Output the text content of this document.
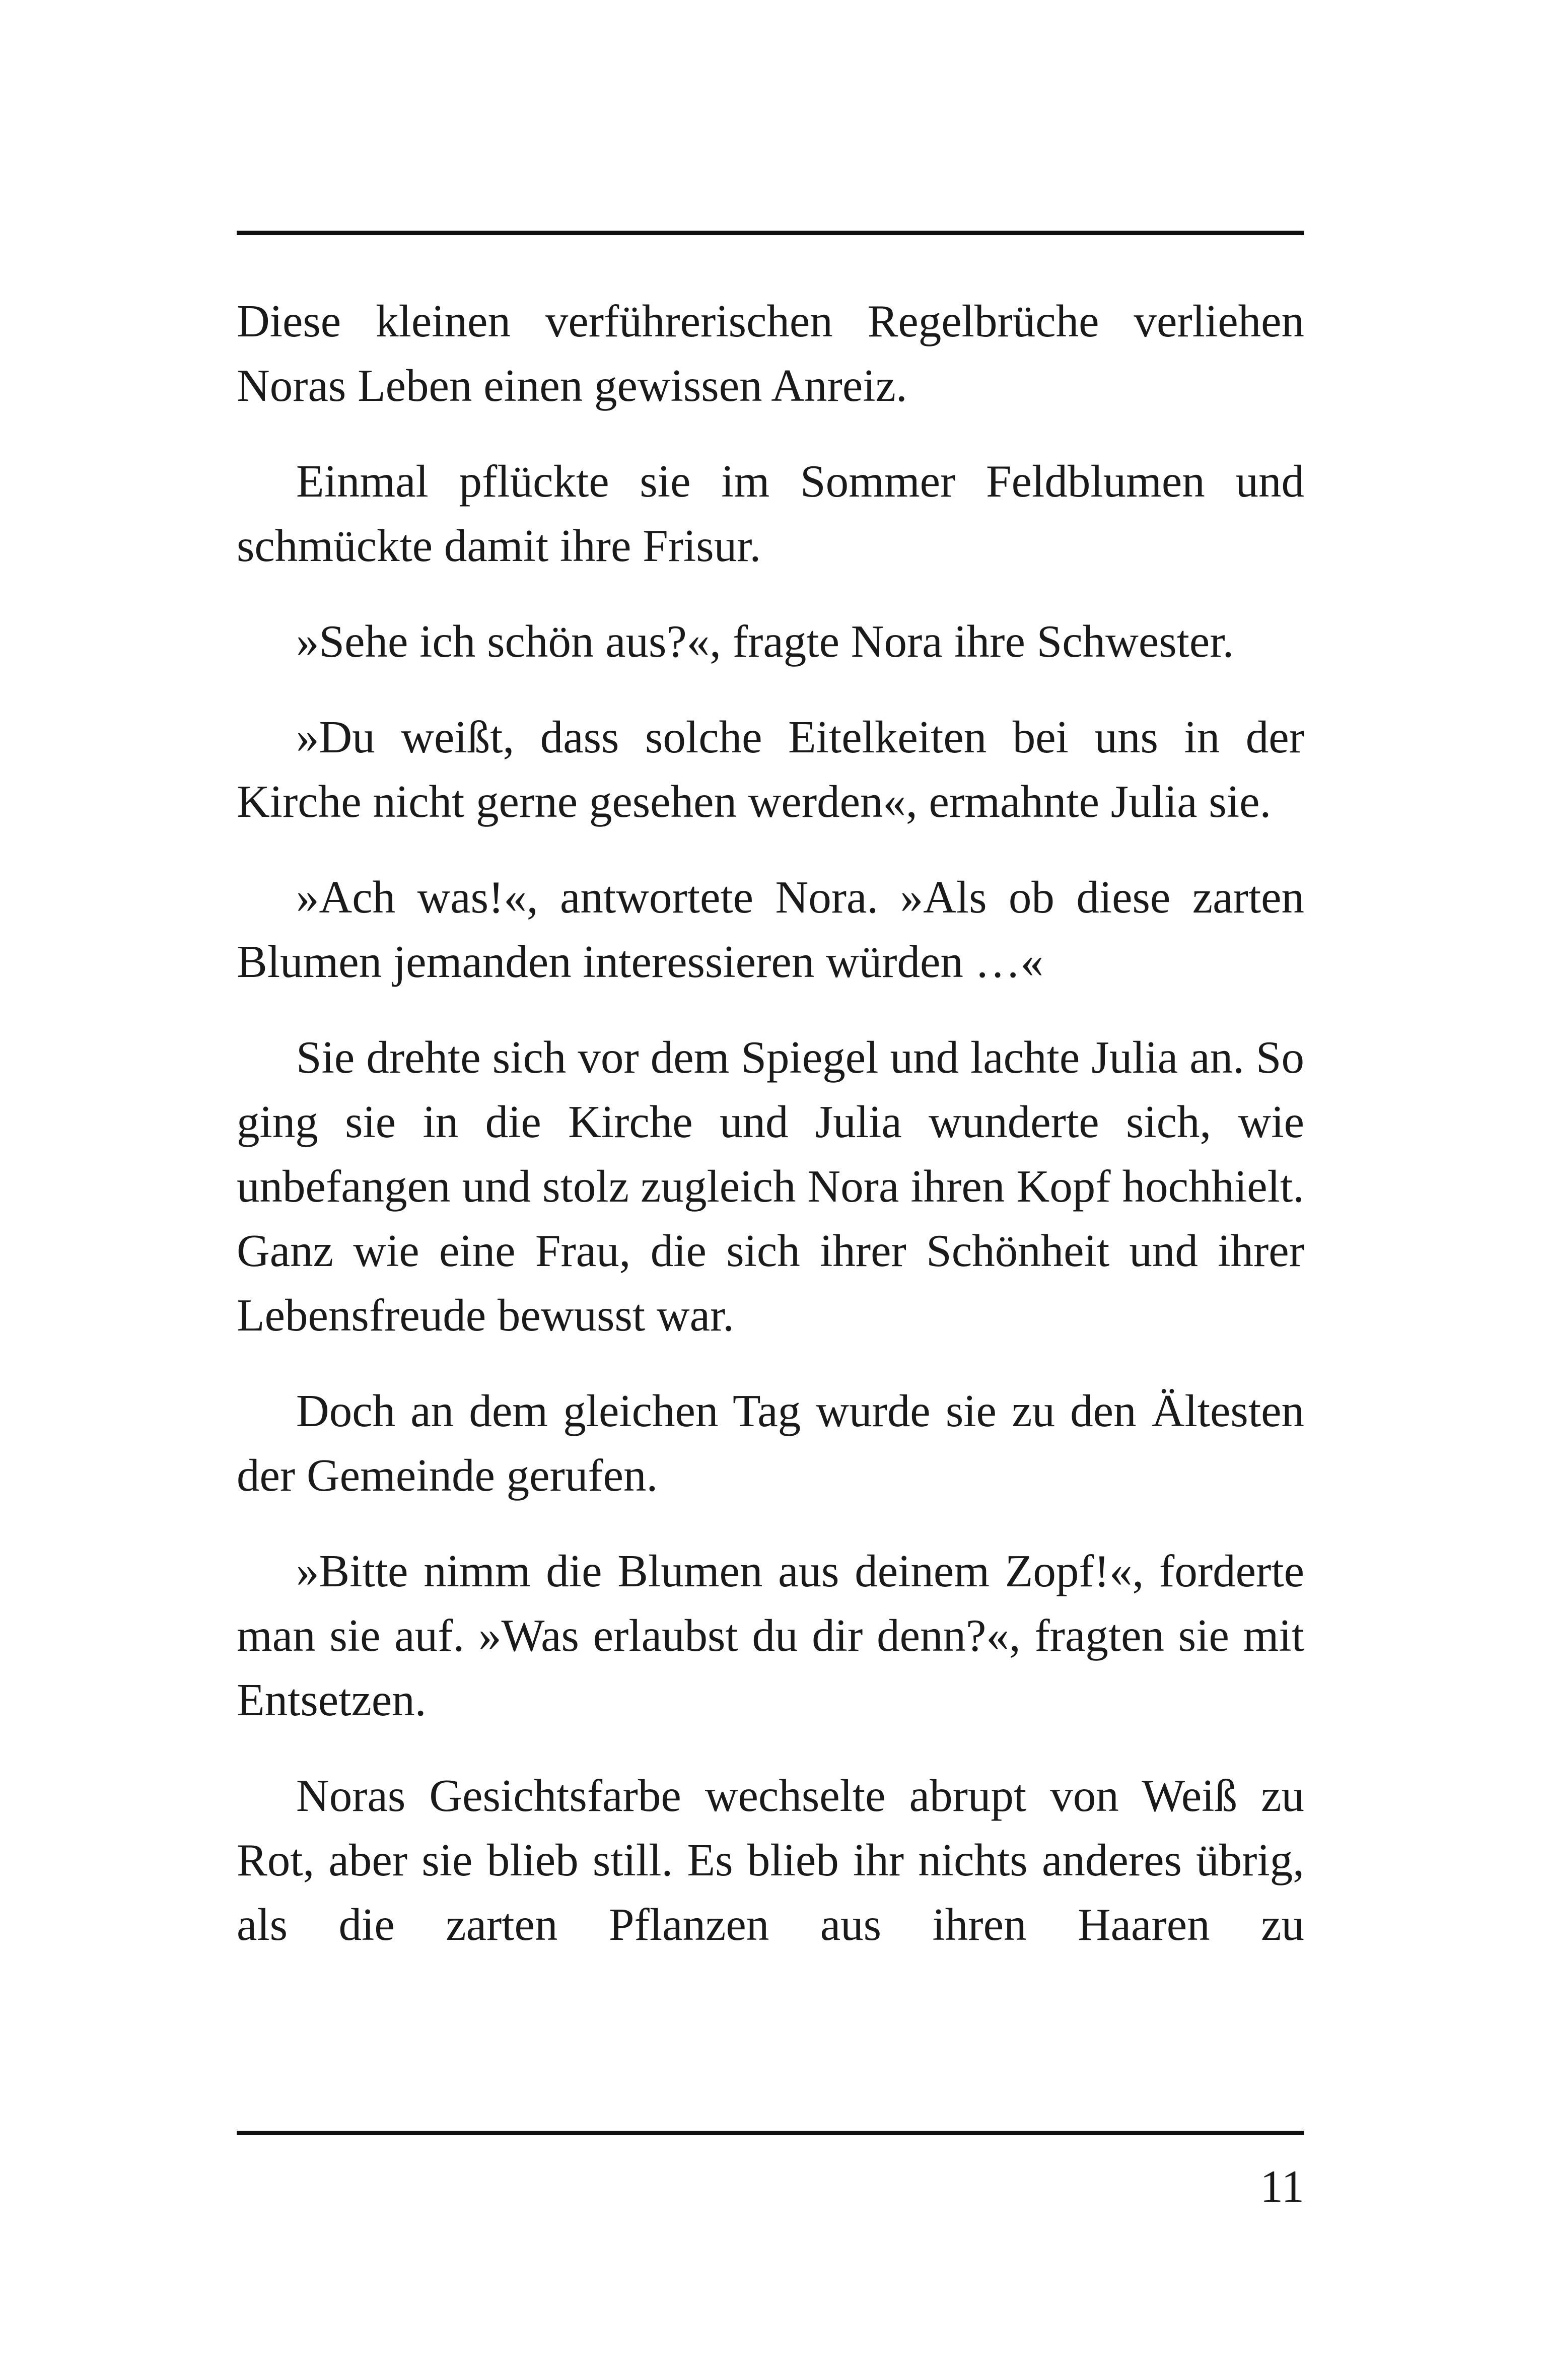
Diese kleinen verführerischen Regelbrüche verliehen Noras Leben einen gewissen Anreiz.

Einmal pflückte sie im Sommer Feldblumen und schmückte damit ihre Frisur.

»Sehe ich schön aus?«, fragte Nora ihre Schwester.

»Du weißt, dass solche Eitelkeiten bei uns in der Kirche nicht gerne gesehen werden«, ermahnte Julia sie.

»Ach was!«, antwortete Nora. »Als ob diese zarten Blumen jemanden interessieren würden …«

Sie drehte sich vor dem Spiegel und lachte Julia an. So ging sie in die Kirche und Julia wunderte sich, wie unbefangen und stolz zugleich Nora ihren Kopf hochhielt. Ganz wie eine Frau, die sich ihrer Schönheit und ihrer Lebensfreude bewusst war.

Doch an dem gleichen Tag wurde sie zu den Ältesten der Gemeinde gerufen.

»Bitte nimm die Blumen aus deinem Zopf!«, forderte man sie auf. »Was erlaubst du dir denn?«, fragten sie mit Entsetzen.

Noras Gesichtsfarbe wechselte abrupt von Weiß zu Rot, aber sie blieb still. Es blieb ihr nichts anderes übrig, als die zarten Pflanzen aus ihren Haaren zu

11
